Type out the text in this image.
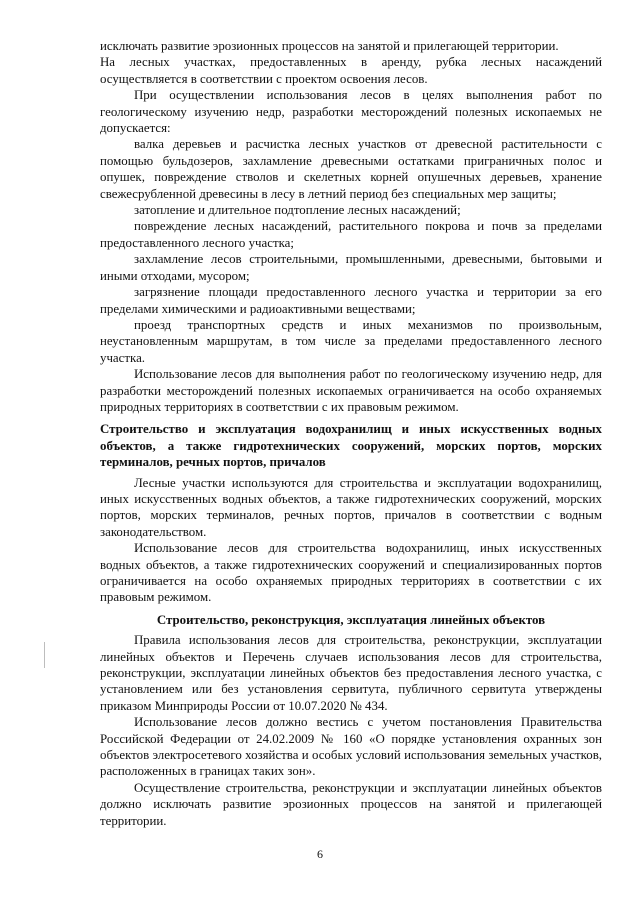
исключать развитие эрозионных процессов на занятой и прилегающей территории.

На лесных участках, предоставленных в аренду, рубка лесных насаждений осуществляется в соответствии с проектом освоения лесов.

При осуществлении использования лесов в целях выполнения работ по геологическому изучению недр, разработки месторождений полезных ископаемых не допускается:

валка деревьев и расчистка лесных участков от древесной растительности с помощью бульдозеров, захламление древесными остатками приграничных полос и опушек, повреждение стволов и скелетных корней опушечных деревьев, хранение свежесрубленной древесины в лесу в летний период без специальных мер защиты;

затопление и длительное подтопление лесных насаждений;

повреждение лесных насаждений, растительного покрова и почв за пределами предоставленного лесного участка;

захламление лесов строительными, промышленными, древесными, бытовыми и иными отходами, мусором;

загрязнение площади предоставленного лесного участка и территории за его пределами химическими и радиоактивными веществами;

проезд транспортных средств и иных механизмов по произвольным, неустановленным маршрутам, в том числе за пределами предоставленного лесного участка.

Использование лесов для выполнения работ по геологическому изучению недр, для разработки месторождений полезных ископаемых ограничивается на особо охраняемых природных территориях в соответствии с их правовым режимом.

Строительство и эксплуатация водохранилищ и иных искусственных водных объектов, а также гидротехнических сооружений, морских портов, морских терминалов, речных портов, причалов

Лесные участки используются для строительства и эксплуатации водохранилищ, иных искусственных водных объектов, а также гидротехнических сооружений, морских портов, морских терминалов, речных портов, причалов в соответствии с водным законодательством.

Использование лесов для строительства водохранилищ, иных искусственных водных объектов, а также гидротехнических сооружений и специализированных портов ограничивается на особо охраняемых природных территориях в соответствии с их правовым режимом.

Строительство, реконструкция, эксплуатация линейных объектов

Правила использования лесов для строительства, реконструкции, эксплуатации линейных объектов и Перечень случаев использования лесов для строительства, реконструкции, эксплуатации линейных объектов без предоставления лесного участка, с установлением или без установления сервитута, публичного сервитута утверждены приказом Минприроды России от 10.07.2020 № 434.

Использование лесов должно вестись с учетом постановления Правительства Российской Федерации от 24.02.2009 № 160 «О порядке установления охранных зон объектов электросетевого хозяйства и особых условий использования земельных участков, расположенных в границах таких зон».

Осуществление строительства, реконструкции и эксплуатации линейных объектов должно исключать развитие эрозионных процессов на занятой и прилегающей территории.

6
